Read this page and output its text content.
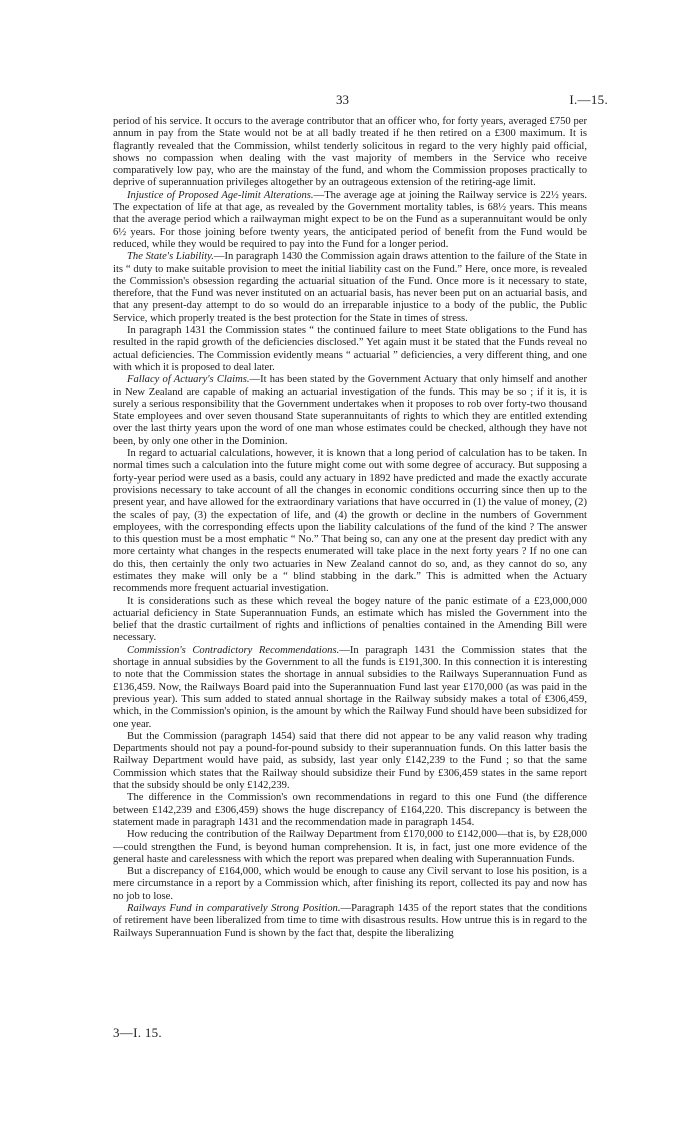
33	I.—15.

period of his service. It occurs to the average contributor that an officer who, for forty years, averaged £750 per annum in pay from the State would not be at all badly treated if he then retired on a £300 maximum. It is flagrantly revealed that the Commission, whilst tenderly solicitous in regard to the very highly paid official, shows no compassion when dealing with the vast majority of members in the Service who receive comparatively low pay, who are the mainstay of the fund, and whom the Commission proposes practically to deprive of superannuation privileges altogether by an outrageous extension of the retiring-age limit.

Injustice of Proposed Age-limit Alterations.—The average age at joining the Railway service is 22½ years. The expectation of life at that age, as revealed by the Government mortality tables, is 68½ years. This means that the average period which a railwayman might expect to be on the Fund as a superannuitant would be only 6½ years. For those joining before twenty years, the anticipated period of benefit from the Fund would be reduced, while they would be required to pay into the Fund for a longer period.

The State's Liability.—In paragraph 1430 the Commission again draws attention to the failure of the State in its “ duty to make suitable provision to meet the initial liability cast on the Fund.” Here, once more, is revealed the Commission's obsession regarding the actuarial situation of the Fund. Once more is it necessary to state, therefore, that the Fund was never instituted on an actuarial basis, has never been put on an actuarial basis, and that any present-day attempt to do so would do an irreparable injustice to a body of the public, the Public Service, which properly treated is the best protection for the State in times of stress.

In paragraph 1431 the Commission states “ the continued failure to meet State obligations to the Fund has resulted in the rapid growth of the deficiencies disclosed.” Yet again must it be stated that the Funds reveal no actual deficiencies. The Commission evidently means “ actuarial ” deficiencies, a very different thing, and one with which it is proposed to deal later.

Fallacy of Actuary's Claims.—It has been stated by the Government Actuary that only himself and another in New Zealand are capable of making an actuarial investigation of the funds. This may be so ; if it is, it is surely a serious responsibility that the Government undertakes when it proposes to rob over forty-two thousand State employees and over seven thousand State superannuitants of rights to which they are entitled extending over the last thirty years upon the word of one man whose estimates could be checked, although they have not been, by only one other in the Dominion.

In regard to actuarial calculations, however, it is known that a long period of calculation has to be taken. In normal times such a calculation into the future might come out with some degree of accuracy. But supposing a forty-year period were used as a basis, could any actuary in 1892 have predicted and made the exactly accurate provisions necessary to take account of all the changes in economic conditions occurring since then up to the present year, and have allowed for the extraordinary variations that have occurred in (1) the value of money, (2) the scales of pay, (3) the expectation of life, and (4) the growth or decline in the numbers of Government employees, with the corresponding effects upon the liability calculations of the fund of the kind ? The answer to this question must be a most emphatic “ No.” That being so, can any one at the present day predict with any more certainty what changes in the respects enumerated will take place in the next forty years ? If no one can do this, then certainly the only two actuaries in New Zealand cannot do so, and, as they cannot do so, any estimates they make will only be a “ blind stabbing in the dark.” This is admitted when the Actuary recommends more frequent actuarial investigation.

It is considerations such as these which reveal the bogey nature of the panic estimate of a £23,000,000 actuarial deficiency in State Superannuation Funds, an estimate which has misled the Government into the belief that the drastic curtailment of rights and inflictions of penalties contained in the Amending Bill were necessary.

Commission's Contradictory Recommendations.—In paragraph 1431 the Commission states that the shortage in annual subsidies by the Government to all the funds is £191,300. In this connection it is interesting to note that the Commission states the shortage in annual subsidies to the Railways Superannuation Fund as £136,459. Now, the Railways Board paid into the Superannuation Fund last year £170,000 (as was paid in the previous year). This sum added to stated annual shortage in the Railway subsidy makes a total of £306,459, which, in the Commission's opinion, is the amount by which the Railway Fund should have been subsidized for one year.

But the Commission (paragraph 1454) said that there did not appear to be any valid reason why trading Departments should not pay a pound-for-pound subsidy to their superannuation funds. On this latter basis the Railway Department would have paid, as subsidy, last year only £142,239 to the Fund ; so that the same Commission which states that the Railway should subsidize their Fund by £306,459 states in the same report that the subsidy should be only £142,239.

The difference in the Commission's own recommendations in regard to this one Fund (the difference between £142,239 and £306,459) shows the huge discrepancy of £164,220. This discrepancy is between the statement made in paragraph 1431 and the recommendation made in paragraph 1454.

How reducing the contribution of the Railway Department from £170,000 to £142,000—that is, by £28,000—could strengthen the Fund, is beyond human comprehension. It is, in fact, just one more evidence of the general haste and carelessness with which the report was prepared when dealing with Superannuation Funds.

But a discrepancy of £164,000, which would be enough to cause any Civil servant to lose his position, is a mere circumstance in a report by a Commission which, after finishing its report, collected its pay and now has no job to lose.

Railways Fund in comparatively Strong Position.—Paragraph 1435 of the report states that the conditions of retirement have been liberalized from time to time with disastrous results. How untrue this is in regard to the Railways Superannuation Fund is shown by the fact that, despite the liberalizing

3—I. 15.
